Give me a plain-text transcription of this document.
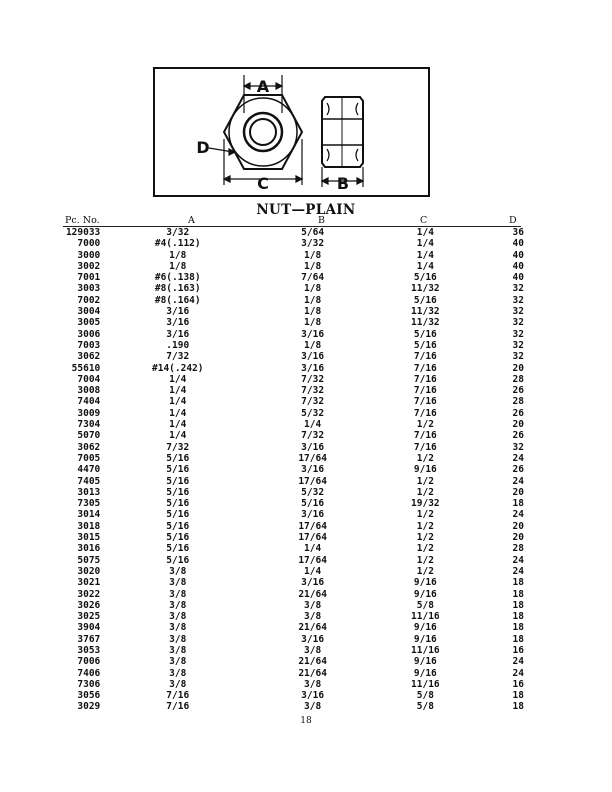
A
C	B
D
NUT—PLAIN
Pc. No.	A	B	C	D
129033	3/32	5/64	1/4	36
7000	#4(.112)	3/32	1/4	40
3000	1/8	1/8	1/4	40
3002	1/8	1/8	1/4	40
7001	#6(.138)	7/64	5/16	40
3003	#8(.163)	1/8	11/32	32
7002	#8(.164)	1/8	5/16	32
3004	3/16	1/8	11/32	32
3005	3/16	1/8	11/32	32
3006	3/16	3/16	5/16	32
7003	.190	1/8	5/16	32
3062	7/32	3/16	7/16	32
55610	#14(.242)	3/16	7/16	20
7004	1/4	7/32	7/16	28
3008	1/4	7/32	7/16	26
7404	1/4	7/32	7/16	28
3009	1/4	5/32	7/16	26
7304	1/4	1/4	1/2	20
5070	1/4	7/32	7/16	26
3062	7/32	3/16	7/16	32
7005	5/16	17/64	1/2	24
4470	5/16	3/16	9/16	26
7405	5/16	17/64	1/2	24
3013	5/16	5/32	1/2	20
7305	5/16	5/16	19/32	18
3014	5/16	3/16	1/2	24
3018	5/16	17/64	1/2	20
3015	5/16	17/64	1/2	20
3016	5/16	1/4	1/2	28
5075	5/16	17/64	1/2	24
3020	3/8	1/4	1/2	24
3021	3/8	3/16	9/16	18
3022	3/8	21/64	9/16	18
3026	3/8	3/8	5/8	18
3025	3/8	3/8	11/16	18
3904	3/8	21/64	9/16	18
3767	3/8	3/16	9/16	18
3053	3/8	3/8	11/16	16
7006	3/8	21/64	9/16	24
7406	3/8	21/64	9/16	24
7306	3/8	3/8	11/16	16
3056	7/16	3/16	5/8	18
3029	7/16	3/8	5/8	18
18
